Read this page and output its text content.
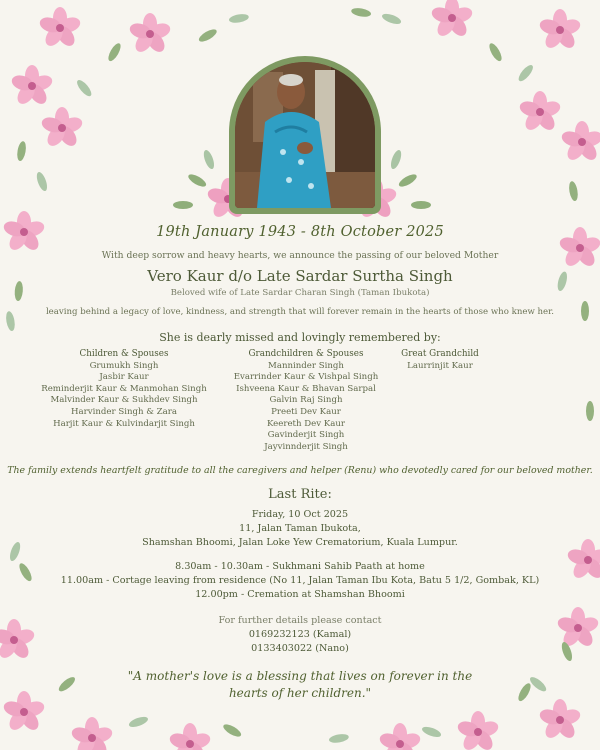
19th January 1943 - 8th October 2025
With deep sorrow and heavy hearts, we announce the passing of our beloved Mother
Vero Kaur d/o Late Sardar Surtha Singh
Beloved wife of Late Sardar Charan Singh (Taman Ibukota)
leaving behind a legacy of love, kindness, and strength that will forever remain in the hearts of those who knew her.
She is dearly missed and lovingly remembered by:
Children & Spouses
Grumukh Singh
Jasbir Kaur
Reminderjit Kaur & Manmohan Singh
Malvinder Kaur & Sukhdev Singh
Harvinder Singh & Zara
Harjit Kaur & Kulvindarjit Singh
Grandchildren & Spouses
Manninder Singh
Evarrinder Kaur & Vishpal Singh
Ishveena Kaur & Bhavan Sarpal
Galvin Raj Singh
Preeti Dev Kaur
Keereth Dev Kaur
Gavinderjit Singh
Jayvinnderjit Singh
Great Grandchild
Laurrinjit Kaur
The family extends heartfelt gratitude to all the caregivers and helper (Renu) who devotedly cared for our beloved mother.
Last Rite:
Friday, 10 Oct 2025
11, Jalan Taman Ibukota,
Shamshan Bhoomi, Jalan Loke Yew Crematorium, Kuala Lumpur.
8.30am - 10.30am - Sukhmani Sahib Paath at home
11.00am - Cortage leaving from residence (No 11, Jalan Taman Ibu Kota, Batu 5 1/2, Gombak, KL)
12.00pm - Cremation at Shamshan Bhoomi
For further details please contact
0169232123 (Kamal)
0133403022 (Nano)
"A mother's love is a blessing that lives on forever in the
hearts of her children."
